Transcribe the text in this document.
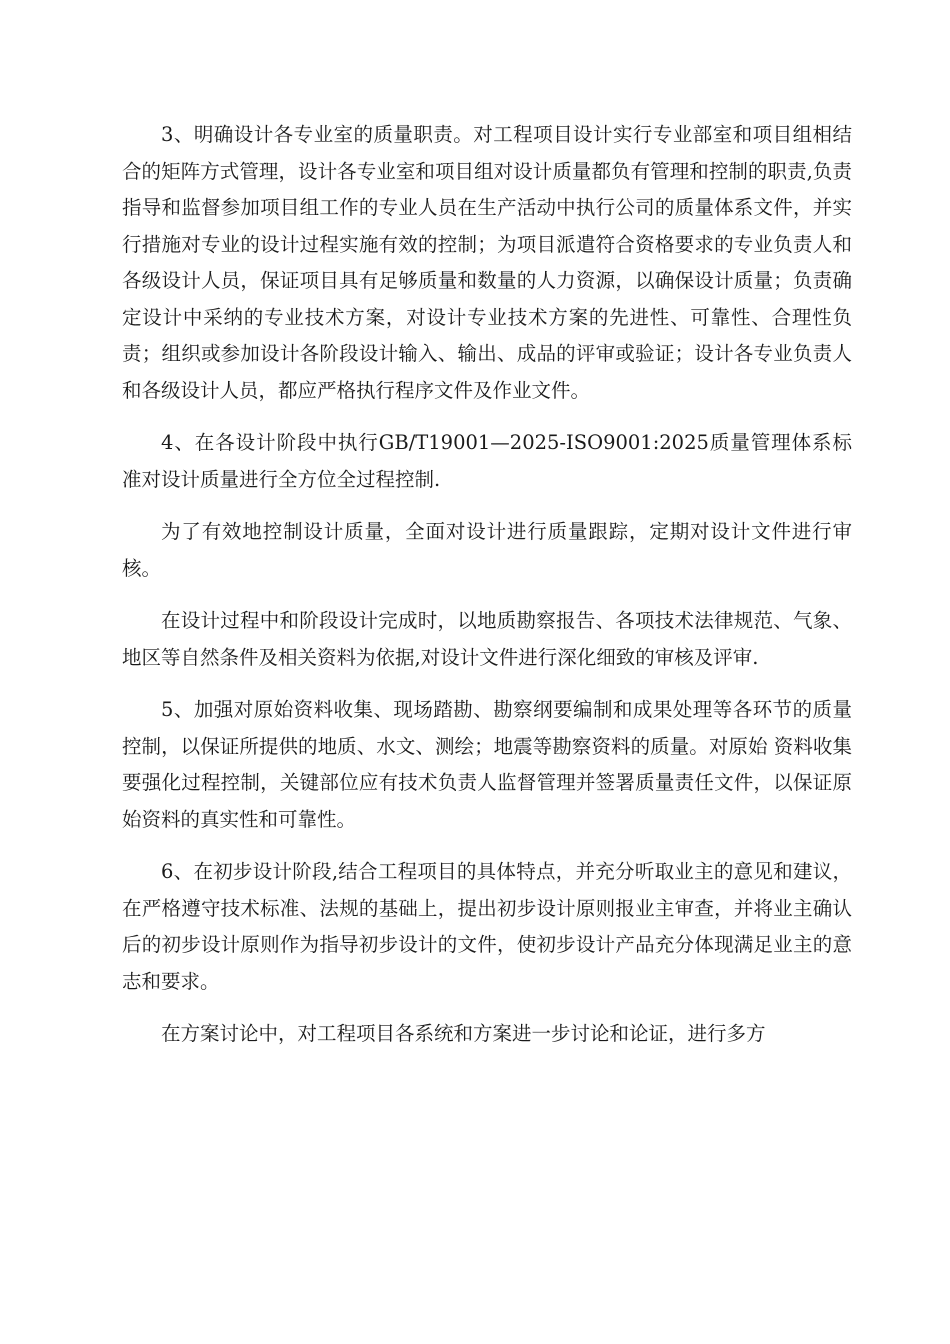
3、明确设计各专业室的质量职责。对工程项目设计实行专业部室和项目组相结合的矩阵方式管理，设计各专业室和项目组对设计质量都负有管理和控制的职责,负责指导和监督参加项目组工作的专业人员在生产活动中执行公司的质量体系文件，并实行措施对专业的设计过程实施有效的控制；为项目派遣符合资格要求的专业负责人和各级设计人员，保证项目具有足够质量和数量的人力资源，以确保设计质量；负责确定设计中采纳的专业技术方案，对设计专业技术方案的先进性、可靠性、合理性负责；组织或参加设计各阶段设计输入、输出、成品的评审或验证；设计各专业负责人和各级设计人员，都应严格执行程序文件及作业文件。

4、在各设计阶段中执行GB/T19001—2025-ISO9001:2025质量管理体系标准对设计质量进行全方位全过程控制.

为了有效地控制设计质量，全面对设计进行质量跟踪，定期对设计文件进行审核。

在设计过程中和阶段设计完成时，以地质勘察报告、各项技术法律规范、气象、地区等自然条件及相关资料为依据,对设计文件进行深化细致的审核及评审.

5、加强对原始资料收集、现场踏勘、勘察纲要编制和成果处理等各环节的质量控制，以保证所提供的地质、水文、测绘；地震等勘察资料的质量。对原始 资料收集要强化过程控制，关键部位应有技术负责人监督管理并签署质量责任文件，以保证原始资料的真实性和可靠性。

6、在初步设计阶段,结合工程项目的具体特点，并充分听取业主的意见和建议，在严格遵守技术标准、法规的基础上，提出初步设计原则报业主审查，并将业主确认后的初步设计原则作为指导初步设计的文件，使初步设计产品充分体现满足业主的意志和要求。

在方案讨论中，对工程项目各系统和方案进一步讨论和论证，进行多方
